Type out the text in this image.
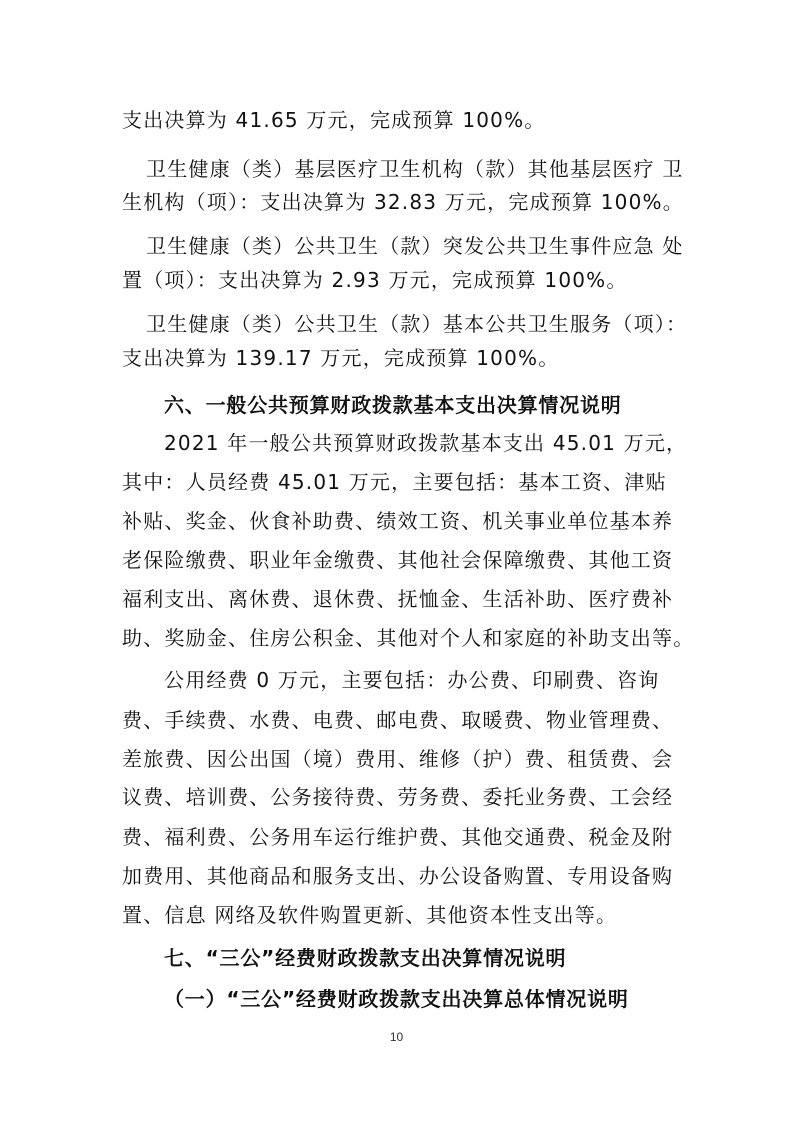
支出决算为 41.65 万元，完成预算 100%。
卫生健康（类）基层医疗卫生机构（款）其他基层医疗 卫
生机构（项）：支出决算为 32.83 万元，完成预算 100%。
卫生健康（类）公共卫生（款）突发公共卫生事件应急 处
置（项）：支出决算为 2.93 万元，完成预算 100%。
卫生健康（类）公共卫生（款）基本公共卫生服务（项）：
支出决算为 139.17 万元，完成预算 100%。
六、一般公共预算财政拨款基本支出决算情况说明
2021 年一般公共预算财政拨款基本支出 45.01 万元，
其中：人员经费 45.01 万元，主要包括：基本工资、津贴
补贴、奖金、伙食补助费、绩效工资、机关事业单位基本养
老保险缴费、职业年金缴费、其他社会保障缴费、其他工资
福利支出、离休费、退休费、抚恤金、生活补助、医疗费补
助、奖励金、住房公积金、其他对个人和家庭的补助支出等。
公用经费 0 万元，主要包括：办公费、印刷费、咨询
费、手续费、水费、电费、邮电费、取暖费、物业管理费、
差旅费、因公出国（境）费用、维修（护）费、租赁费、会
议费、培训费、公务接待费、劳务费、委托业务费、工会经
费、福利费、公务用车运行维护费、其他交通费、税金及附
加费用、其他商品和服务支出、办公设备购置、专用设备购
置、信息 网络及软件购置更新、其他资本性支出等。
七、“三公”经费财政拨款支出决算情况说明
（一）“三公”经费财政拨款支出决算总体情况说明
10
